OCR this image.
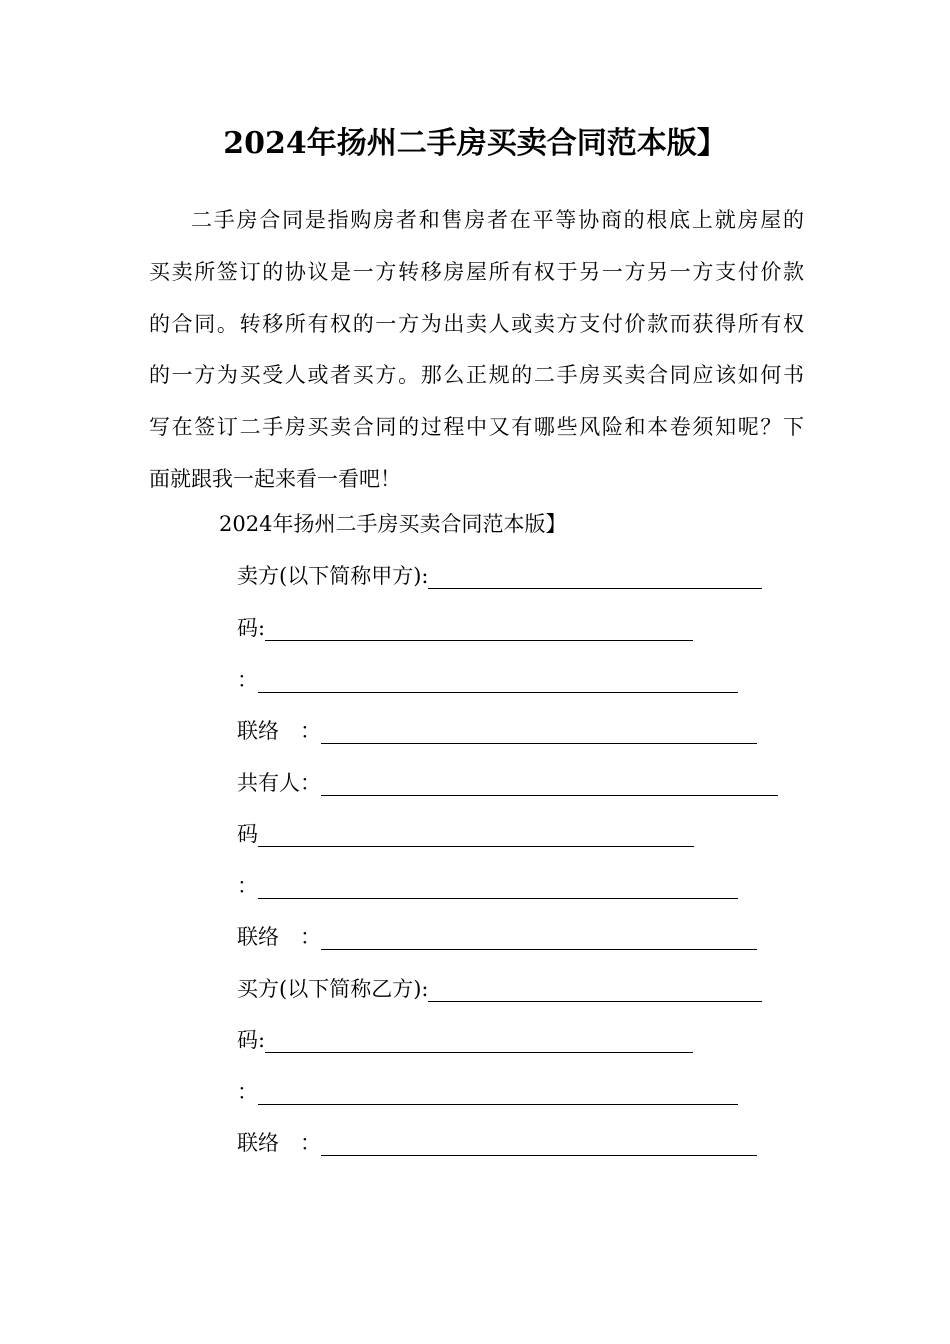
2024年扬州二手房买卖合同范本版】
二手房合同是指购房者和售房者在平等协商的根底上就房屋的
买卖所签订的协议是一方转移房屋所有权于另一方另一方支付价款
的合同。转移所有权的一方为出卖人或卖方支付价款而获得所有权
的一方为买受人或者买方。那么正规的二手房买卖合同应该如何书
写在签订二手房买卖合同的过程中又有哪些风险和本卷须知呢？下
面就跟我一起来看一看吧！
2024年扬州二手房买卖合同范本版】
卖方(以下简称甲方):
码:
：
联络　：
共有人：
码
：
联络　：
买方(以下简称乙方):
码:
：
联络　：
